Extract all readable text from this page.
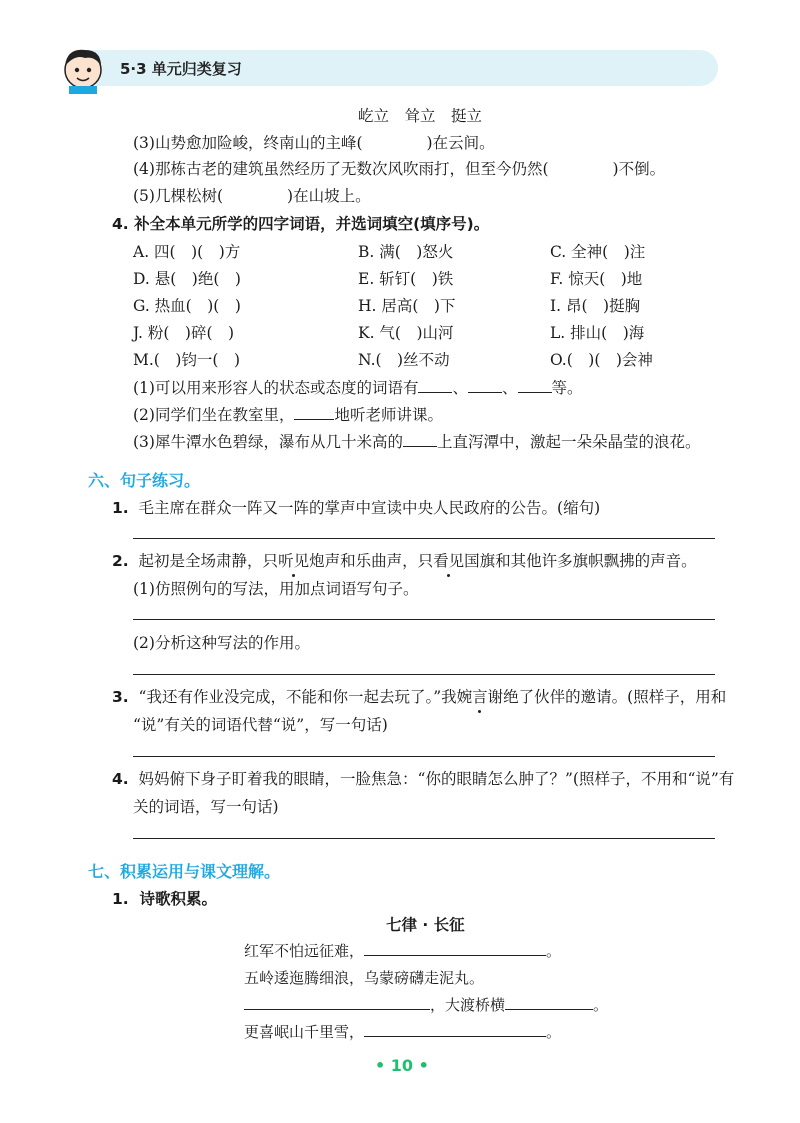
5·3 单元归类复习
屹立　耸立　挺立
(3)山势愈加险峻，终南山的主峰(	)在云间。
(4)那栋古老的建筑虽然经历了无数次风吹雨打，但至今仍然(	)不倒。
(5)几棵松树(	)在山坡上。
4. 补全本单元所学的四字词语，并选词填空(填序号)。
A. 四(　)(　)方	B. 满(　)怒火	C. 全神(　)注
D. 悬(　)绝(　)	E. 斩钉(　)铁	F. 惊天(　)地
G. 热血(　)(　)	H. 居高(　)下	I. 昂(　)挺胸
J. 粉(　)碎(　)	K. 气(　)山河	L. 排山(　)海
M.(　)钧一(　)	N.(　)丝不动	O.(　)(　)会神
(1)可以用来形容人的状态或态度的词语有 、 、 等。
(2)同学们坐在教室里，	地听老师讲课。
(3)犀牛潭水色碧绿，瀑布从几十米高的 上直泻潭中，激起一朵朵晶莹的浪花。
六、句子练习。
1. 毛主席在群众一阵又一阵的掌声中宣读中央人民政府的公告。(缩句)
2. 起初是全场肃静，只听见炮声和乐曲声，只看见国旗和其他许多旗帜飘拂的声音。
(1)仿照例句的写法，用加点词语写句子。
(2)分析这种写法的作用。
3. “我还有作业没完成，不能和你一起去玩了。”我婉言谢绝了伙伴的邀请。(照样子，用和
“说”有关的词语代替“说”，写一句话)
4. 妈妈俯下身子盯着我的眼睛，一脸焦急：“你的眼睛怎么肿了？”(照样子，不用和“说”有
关的词语，写一句话)
七、积累运用与课文理解。
1. 诗歌积累。
七律 · 长征
红军不怕远征难，	。
五岭逶迤腾细浪，乌蒙磅礴走泥丸。
，大渡桥横	。
更喜岷山千里雪，	。
• 10 •
